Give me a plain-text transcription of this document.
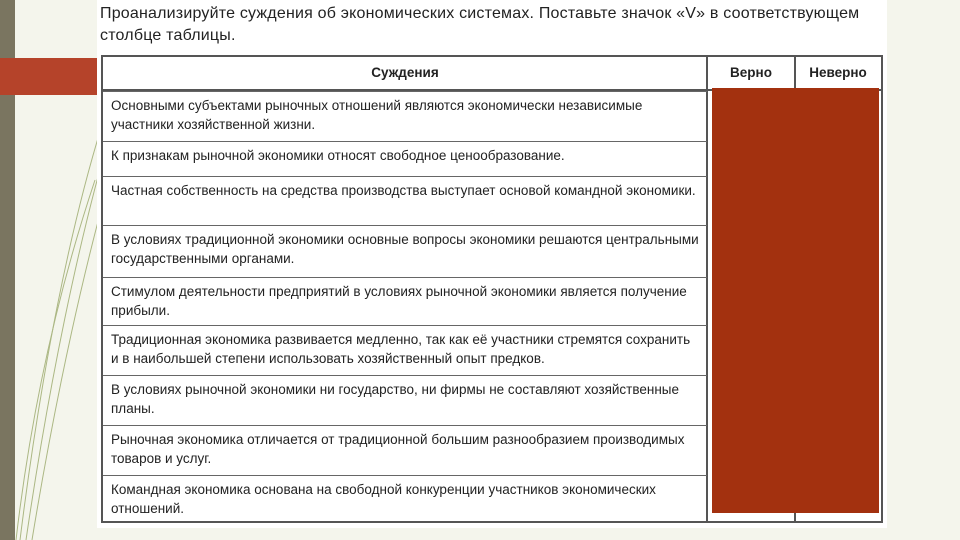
Проанализируйте суждения об экономических системах. Поставьте значок «V» в соответствующем столбце таблицы.
Суждения	Верно	Неверно
Основными субъектами рыночных отношений являются экономически независимые участники хозяйственной жизни.
К признакам рыночной экономики относят свободное ценообразование.
Частная собственность на средства производства выступает основой командной экономики.
В условиях традиционной экономики основные вопросы экономики решаются центральными государственными органами.
Стимулом деятельности предприятий в условиях рыночной экономики является получение прибыли.
Традиционная экономика развивается медленно, так как её участники стремятся сохранить и в наибольшей степени использовать хозяйственный опыт предков.
В условиях рыночной экономики ни государство, ни фирмы не составляют хозяйственные планы.
Рыночная экономика отличается от традиционной большим разнообразием производимых товаров и услуг.
Командная экономика основана на свободной конкуренции участников экономических отношений.
